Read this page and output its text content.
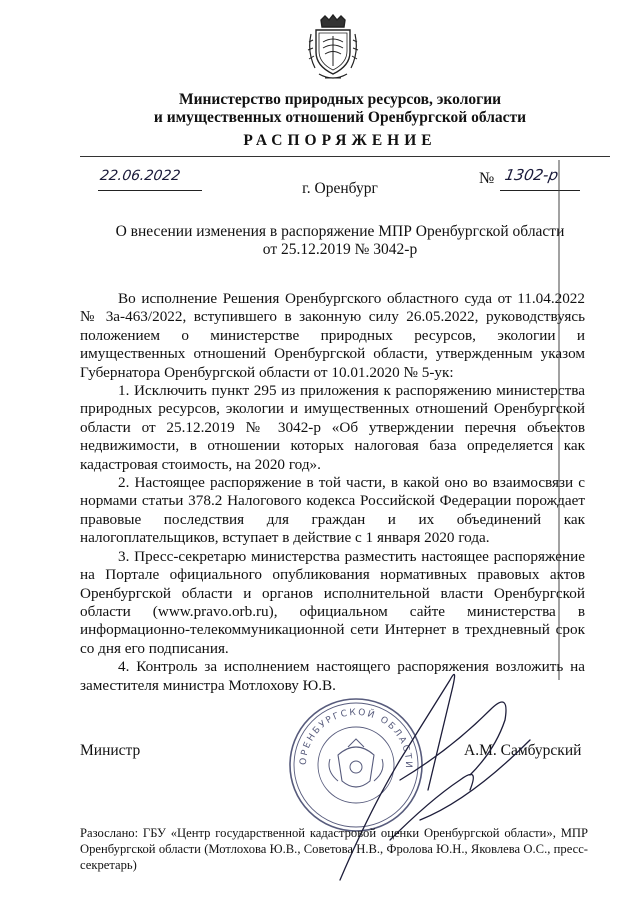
Министерство природных ресурсов, экологии
и имущественных отношений Оренбургской области
РАСПОРЯЖЕНИЕ
22.06.2022	№ 1302-р
г. Оренбург
О внесении изменения в распоряжение МПР Оренбургской области
от 25.12.2019 № 3042-р

Во исполнение Решения Оренбургского областного суда от 11.04.2022 № 3а-463/2022, вступившего в законную силу 26.05.2022, руководствуясь положением о министерстве природных ресурсов, экологии и имущественных отношений Оренбургской области, утвержденным указом Губернатора Оренбургской области от 10.01.2020 № 5-ук:

1. Исключить пункт 295 из приложения к распоряжению министерства природных ресурсов, экологии и имущественных отношений Оренбургской области от 25.12.2019 № 3042-р «Об утверждении перечня объектов недвижимости, в отношении которых налоговая база определяется как кадастровая стоимость, на 2020 год».

2. Настоящее распоряжение в той части, в какой оно во взаимосвязи с нормами статьи 378.2 Налогового кодекса Российской Федерации порождает правовые последствия для граждан и их объединений как налогоплательщиков, вступает в действие с 1 января 2020 года.

3. Пресс-секретарю министерства разместить настоящее распоряжение на Портале официального опубликования нормативных правовых актов Оренбургской области и органов исполнительной власти Оренбургской области (www.pravo.orb.ru), официальном сайте министерства в информационно-телекоммуникационной сети Интернет в трехдневный срок со дня его подписания.

4. Контроль за исполнением настоящего распоряжения возложить на заместителя министра Мотлохову Ю.В.

Министр	А.М. Самбурский
ОРЕНБУРГСКОЙ ОБЛАСТИ
Разослано: ГБУ «Центр государственной кадастровой оценки Оренбургской области», МПР Оренбургской области (Мотлохова Ю.В., Советова Н.В., Фролова Ю.Н., Яковлева О.С., пресс-секретарь)
